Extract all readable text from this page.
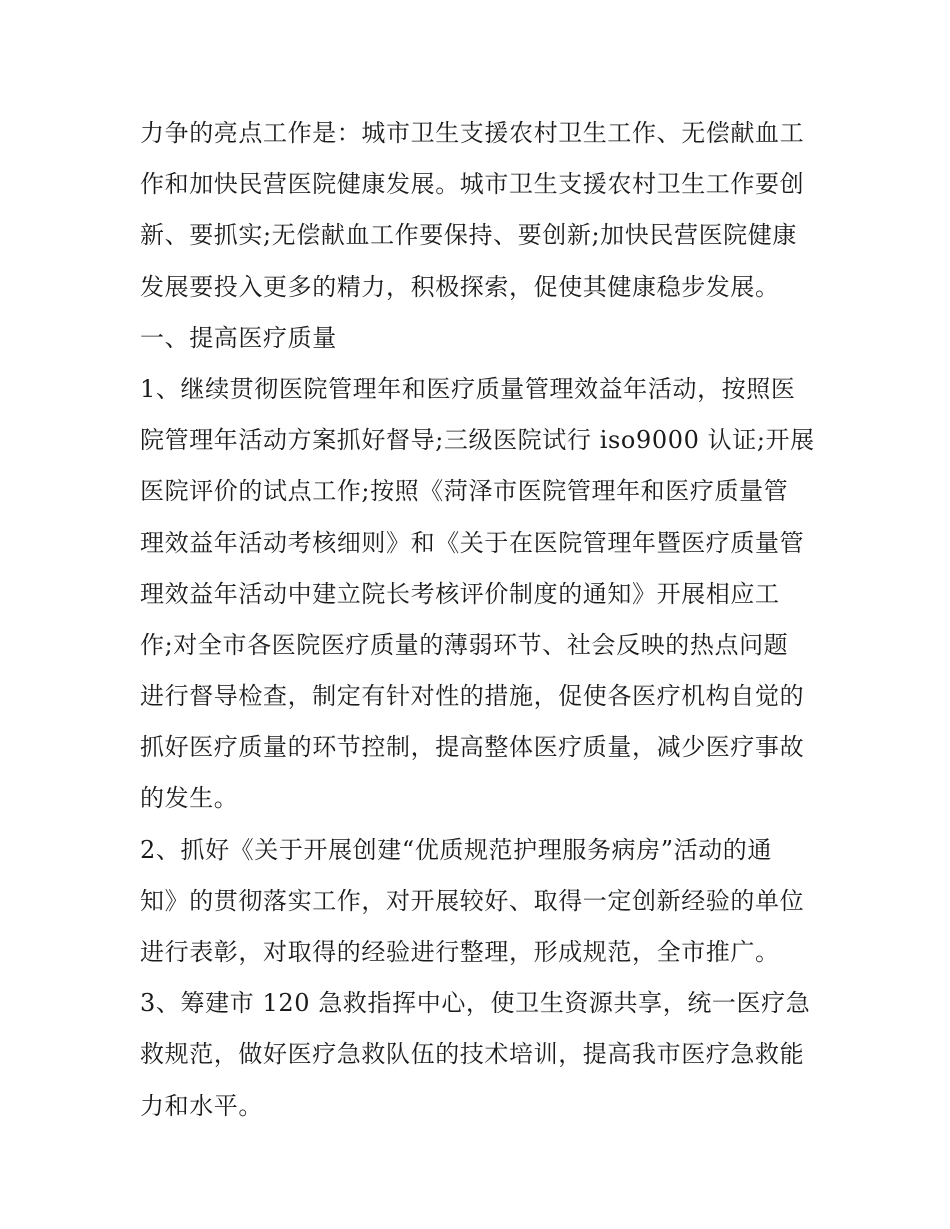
力争的亮点工作是：城市卫生支援农村卫生工作、无偿献血工
作和加快民营医院健康发展。城市卫生支援农村卫生工作要创
新、要抓实;无偿献血工作要保持、要创新;加快民营医院健康
发展要投入更多的精力，积极探索，促使其健康稳步发展。
一、提高医疗质量
1、继续贯彻医院管理年和医疗质量管理效益年活动，按照医
院管理年活动方案抓好督导;三级医院试行 iso9000 认证;开展
医院评价的试点工作;按照《菏泽市医院管理年和医疗质量管
理效益年活动考核细则》和《关于在医院管理年暨医疗质量管
理效益年活动中建立院长考核评价制度的通知》开展相应工
作;对全市各医院医疗质量的薄弱环节、社会反映的热点问题
进行督导检查，制定有针对性的措施，促使各医疗机构自觉的
抓好医疗质量的环节控制，提高整体医疗质量，减少医疗事故
的发生。
2、抓好《关于开展创建“优质规范护理服务病房”活动的通
知》的贯彻落实工作，对开展较好、取得一定创新经验的单位
进行表彰，对取得的经验进行整理，形成规范，全市推广。
3、筹建市 120 急救指挥中心，使卫生资源共享，统一医疗急
救规范，做好医疗急救队伍的技术培训，提高我市医疗急救能
力和水平。
